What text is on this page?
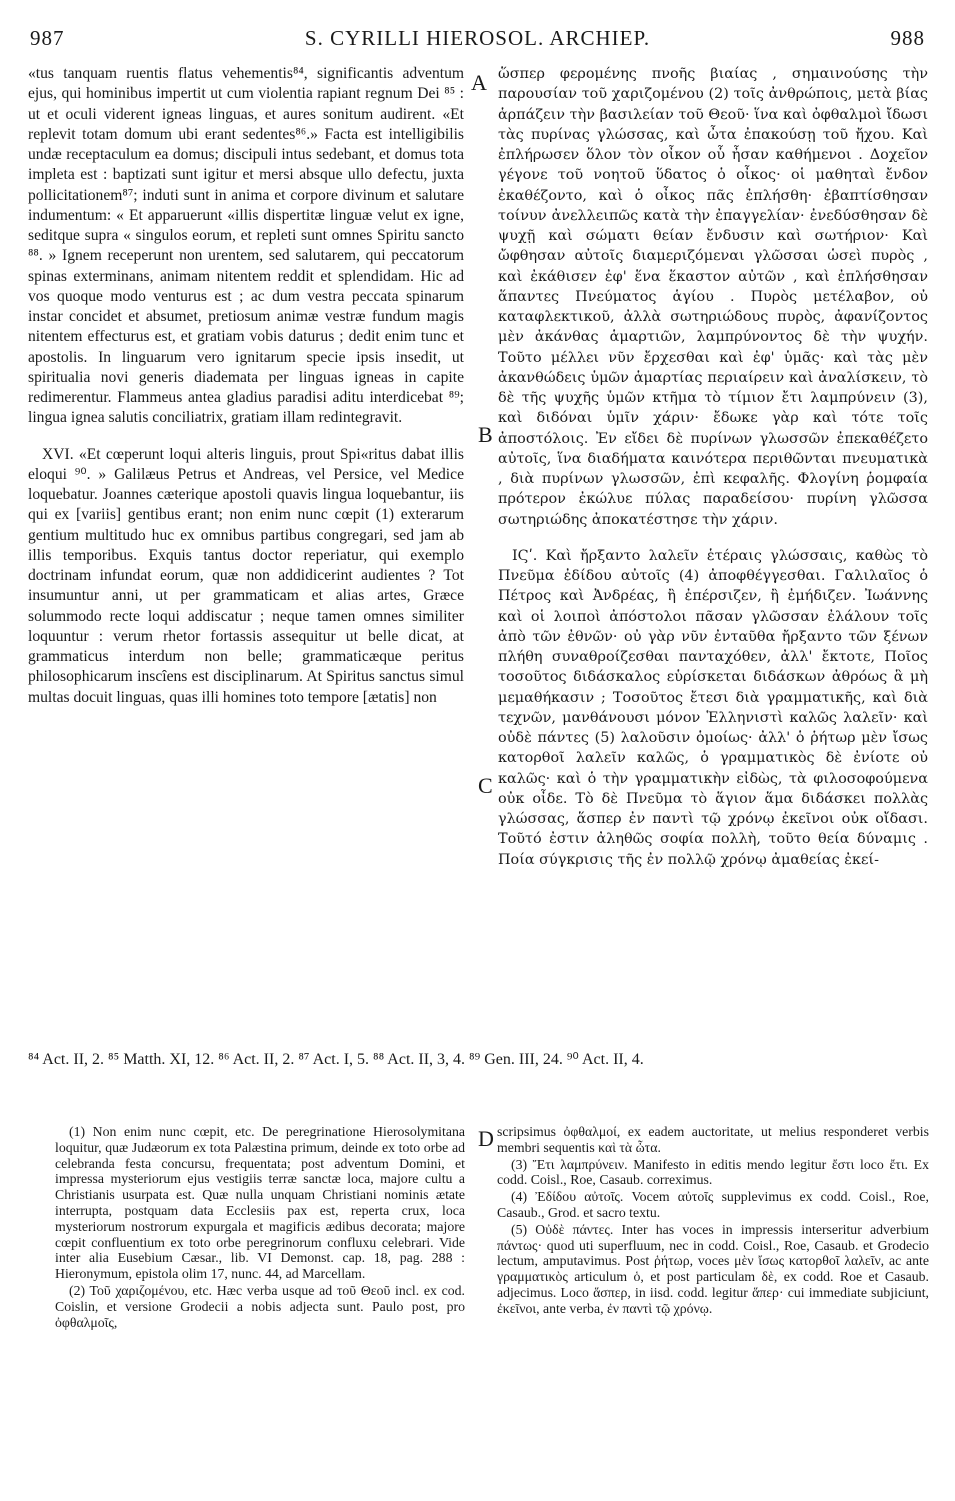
987	S. CYRILLI HIEROSOL. ARCHIEP.	988

«tus tanquam ruentis flatus vehementis⁸⁴, significantis adventum ejus, qui hominibus impertit ut cum violentia rapiant regnum Dei ⁸⁵ : ut et oculi viderent igneas linguas, et aures sonitum audirent. «Et replevit totam domum ubi erant sedentes⁸⁶.» Facta est intelligibilis undæ receptaculum ea domus; discipuli intus sedebant, et domus tota impleta est : baptizati sunt igitur et mersi absque ullo defectu, juxta pollicitationem⁸⁷; induti sunt in anima et corpore divinum et salutare indumentum: « Et apparuerunt «illis dispertitæ linguæ velut ex igne, seditque supra « singulos eorum, et repleti sunt omnes Spiritu sancto ⁸⁸. » Ignem receperunt non urentem, sed salutarem, qui peccatorum spinas exterminans, animam nitentem reddit et splendidam. Hic ad vos quoque modo venturus est ; ac dum vestra peccata spinarum instar concidet et absumet, pretiosum animæ vestræ fundum magis nitentem effecturus est, et gratiam vobis daturus ; dedit enim tunc et apostolis. In linguarum vero ignitarum specie ipsis insedit, ut spiritualia novi generis diademata per linguas igneas in capite redimerentur. Flammeus antea gladius paradisi aditu interdicebat ⁸⁹; lingua ignea salutis conciliatrix, gratiam illam redintegravit.

XVI. «Et cœperunt loqui alteris linguis, prout Spi«ritus dabat illis eloqui ⁹⁰. » Galilæus Petrus et Andreas, vel Persice, vel Medice loquebatur. Joannes cæterique apostoli quavis lingua loquebantur, iis qui ex [variis] gentibus erant; non enim nunc cœpit (1) exterarum gentium multitudo huc ex omnibus partibus congregari, sed jam ab illis temporibus. Exquis tantus doctor reperiatur, qui exemplo doctrinam infundat eorum, quæ non addidicerint audientes ? Tot insumuntur anni, ut per grammaticam et alias artes, Græce solummodo recte loqui addiscatur ; neque tamen omnes similiter loquuntur : verum rhetor fortassis assequitur ut belle dicat, at grammaticus interdum non belle; grammaticæque peritus philosophicarum inscîens est disciplinarum. At Spiritus sanctus simul multas docuit linguas, quas illi homines toto tempore [ætatis] non

A
B
C
D

ὥσπερ φερομένης πνοῆς βιαίας , σημαινούσης τὴν παρουσίαν τοῦ χαριζομένου (2) τοῖς ἀνθρώποις, μετὰ βίας ἁρπάζειν τὴν βασιλείαν τοῦ Θεοῦ· ἵνα καὶ ὀφθαλμοὶ ἴδωσι τὰς πυρίνας γλώσσας, καὶ ὦτα ἐπακούσῃ τοῦ ἤχου. Καὶ ἐπλήρωσεν ὅλον τὸν οἶκον οὗ ἦσαν καθήμενοι . Δοχεῖον γέγονε τοῦ νοητοῦ ὕδατος ὁ οἶκος· οἱ μαθηταὶ ἔνδον ἐκαθέζοντο, καὶ ὁ οἶκος πᾶς ἐπλήσθη· ἐβαπτίσθησαν τοίνυν ἀνελλειπῶς κατὰ τὴν ἐπαγγελίαν· ἐνεδύσθησαν δὲ ψυχῇ καὶ σώματι θείαν ἔνδυσιν καὶ σωτήριον· Καὶ ὤφθησαν αὐτοῖς διαμεριζόμεναι γλῶσσαι ὡσεὶ πυρὸς , καὶ ἐκάθισεν ἐφ' ἕνα ἕκαστον αὐτῶν , καὶ ἐπλήσθησαν ἅπαντες Πνεύματος ἁγίου . Πυρὸς μετέλαβον, οὐ καταφλεκτικοῦ, ἀλλὰ σωτηριώδους πυρὸς, ἀφανίζοντος μὲν ἀκάνθας ἁμαρτιῶν, λαμπρύνοντος δὲ τὴν ψυχήν. Τοῦτο μέλλει νῦν ἔρχεσθαι καὶ ἐφ' ὑμᾶς· καὶ τὰς μὲν ἀκανθώδεις ὑμῶν ἁμαρτίας περιαίρειν καὶ ἀναλίσκειν, τὸ δὲ τῆς ψυχῆς ὑμῶν κτῆμα τὸ τίμιον ἔτι λαμπρύνειν (3), καὶ διδόναι ὑμῖν χάριν· ἔδωκε γὰρ καὶ τότε τοῖς ἀποστόλοις. Ἐν εἴδει δὲ πυρίνων γλωσσῶν ἐπεκαθέζετο αὐτοῖς, ἵνα διαδήματα καινότερα περιθῶνται πνευματικὰ , διὰ πυρίνων γλωσσῶν, ἐπὶ κεφαλῆς. Φλογίνη ῥομφαία πρότερον ἐκώλυε πύλας παραδείσου· πυρίνη γλῶσσα σωτηριώδης ἀποκατέστησε τὴν χάριν.

ΙϚʹ. Καὶ ἤρξαντο λαλεῖν ἑτέραις γλώσσαις, καθὼς τὸ Πνεῦμα ἐδίδου αὐτοῖς (4) ἀποφθέγγεσθαι. Γαλιλαῖος ὁ Πέτρος καὶ Ἀνδρέας, ἢ ἐπέρσιζεν, ἢ ἐμήδιζεν. Ἰωάννης καὶ οἱ λοιποὶ ἀπόστολοι πᾶσαν γλῶσσαν ἐλάλουν τοῖς ἀπὸ τῶν ἐθνῶν· οὐ γὰρ νῦν ἐνταῦθα ἤρξαντο τῶν ξένων πλήθη συναθροίζεσθαι πανταχόθεν, ἀλλ' ἔκτοτε, Ποῖος τοσοῦτος διδάσκαλος εὑρίσκεται διδάσκων ἀθρόως ἃ μὴ μεμαθήκασιν ; Τοσοῦτος ἔτεσι διὰ γραμματικῆς, καὶ διὰ τεχνῶν, μανθάνουσι μόνον Ἑλληνιστὶ καλῶς λαλεῖν· καὶ οὐδὲ πάντες (5) λαλοῦσιν ὁμοίως· ἀλλ' ὁ ῥήτωρ μὲν ἴσως κατορθοῖ λαλεῖν καλῶς, ὁ γραμματικὸς δὲ ἐνίοτε οὐ καλῶς· καὶ ὁ τὴν γραμματικὴν εἰδὼς, τὰ φιλοσοφούμενα οὐκ οἶδε. Τὸ δὲ Πνεῦμα τὸ ἅγιον ἅμα διδάσκει πολλὰς γλώσσας, ἅσπερ ἐν παντὶ τῷ χρόνῳ ἐκεῖνοι οὐκ οἴδασι. Τοῦτό ἐστιν ἀληθῶς σοφία πολλὴ, τοῦτο θεία δύναμις . Ποία σύγκρισις τῆς ἐν πολλῷ χρόνῳ ἀμαθείας ἐκεί-

⁸⁴ Act. II, 2. ⁸⁵ Matth. XI, 12. ⁸⁶ Act. II, 2. ⁸⁷ Act. I, 5. ⁸⁸ Act. II, 3, 4. ⁸⁹ Gen. III, 24. ⁹⁰ Act. II, 4.

(1) Non enim nunc cœpit, etc. De peregrinatione Hierosolymitana loquitur, quæ Judæorum ex tota Palæstina primum, deinde ex toto orbe ad celebranda festa concursu, frequentata; post adventum Domini, et impressa mysteriorum ejus vestigiis terræ sanctæ loca, majore cultu a Christianis usurpata est. Quæ nulla unquam Christiani nominis ætate interrupta, postquam data Ecclesiis pax est, reperta crux, loca mysteriorum nostrorum expurgala et magificis ædibus decorata; majore cœpit confluentium ex toto orbe peregrinorum confluxu celebrari. Vide inter alia Eusebium Cæsar., lib. VI Demonst. cap. 18, pag. 288 : Hieronymum, epistola olim 17, nunc. 44, ad Marcellam.

(2) Τοῦ χαριζομένου, etc. Hæc verba usque ad τοῦ Θεοῦ incl. ex cod. Coislin, et versione Grodecii a nobis adjecta sunt. Paulo post, pro ὀφθαλμοῖς,

scripsimus ὀφθαλμοί, ex eadem auctoritate, ut melius responderet verbis membri sequentis καὶ τὰ ὦτα.

(3) Ἔτι λαμπρύνειν. Manifesto in editis mendo legitur ἔστι loco ἔτι. Ex codd. Coisl., Roe, Casaub. correximus.

(4) Ἐδίδου αὐτοῖς. Vocem αὐτοῖς supplevimus ex codd. Coisl., Roe, Casaub., Grod. et sacro textu.

(5) Οὐδὲ πάντες. Inter has voces in impressis interseritur adverbium πάντως· quod uti superfluum, nec in codd. Coisl., Roe, Casaub. et Grodecio lectum, amputavimus. Post ῥήτωρ, voces μὲν ἴσως κατορθοῖ λαλεῖν, ac ante γραμματικὸς articulum ὁ, et post particulam δὲ, ex codd. Roe et Casaub. adjecimus. Loco ἅσπερ, in iisd. codd. legitur ἅπερ· cui immediate subjiciunt, ἐκεῖνοι, ante verba, ἐν παντὶ τῷ χρόνῳ.
